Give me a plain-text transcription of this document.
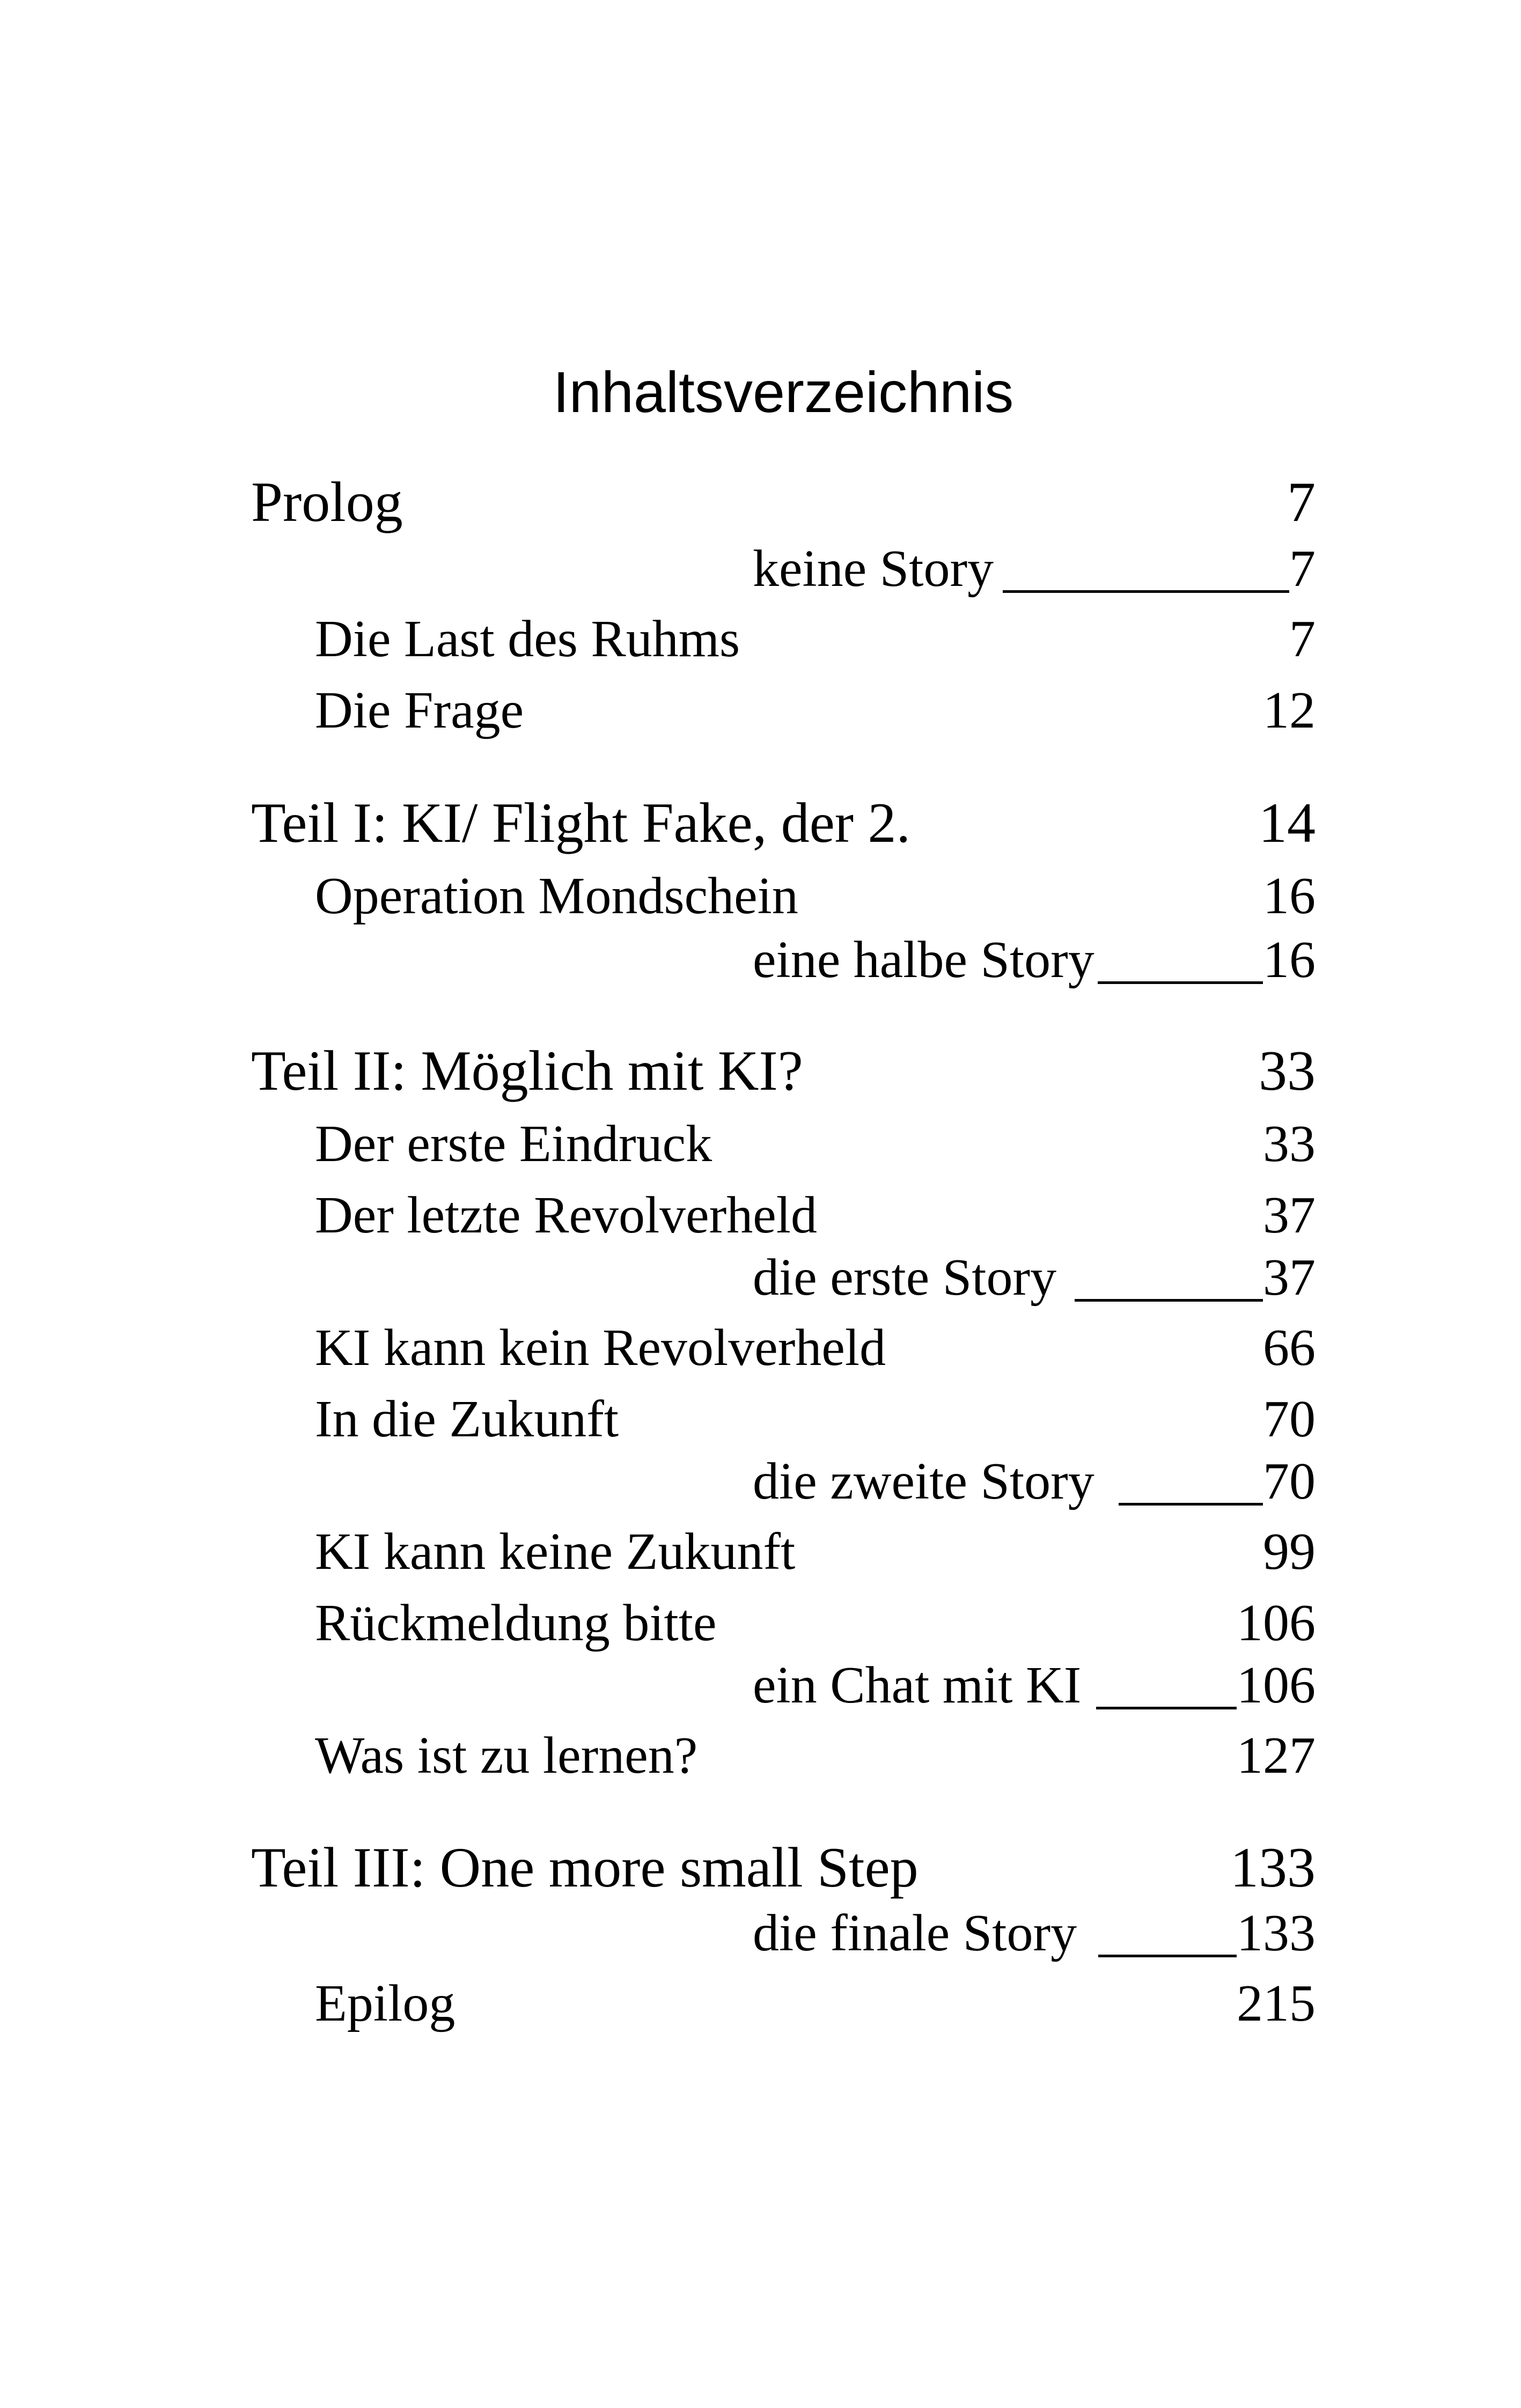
Inhaltsverzeichnis
Prolog	7
keine Story	7
Die Last des Ruhms	7
Die Frage	12
Teil I: KI/ Flight Fake, der 2.	14
Operation Mondschein	16
eine halbe Story	16
Teil II: Möglich mit KI?	33
Der erste Eindruck	33
Der letzte Revolverheld	37
die erste Story	37
KI kann kein Revolverheld	66
In die Zukunft	70
die zweite Story	70
KI kann keine Zukunft	99
Rückmeldung bitte	106
ein Chat mit KI	106
Was ist zu lernen?	127
Teil III: One more small Step	133
die finale Story	133
Epilog	215
